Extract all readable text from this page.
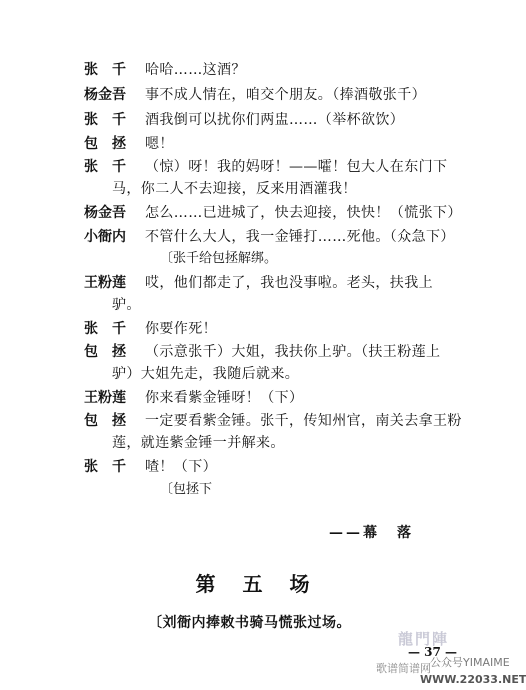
张　千 哈哈……这酒？
杨金吾 事不成人情在，咱交个朋友。（捧酒敬张千）
张　千 酒我倒可以扰你们两盅……（举杯欲饮）
包　拯 嗯！
张　千 （惊）呀！我的妈呀！——嚯！包大人在东门下
马，你二人不去迎接，反来用酒灌我！
杨金吾 怎么……已进城了，快去迎接，快快！（慌张下）
小衙内 不管什么大人，我一金锤打……死他。（众急下）
〔张千给包拯解绑。
王粉莲 哎，他们都走了，我也没事啦。老头，扶我上
驴。
张　千 你要作死！
包　拯 （示意张千）大姐，我扶你上驴。（扶王粉莲上
驴）大姐先走，我随后就来。
王粉莲 你来看紫金锤呀！（下）
包　拯 一定要看紫金锤。张千，传知州官，南关去拿王粉
莲，就连紫金锤一并解来。
张　千 喳！（下）
〔包拯下
——幕　落
第 五 场
〔刘衙内捧敕书骑马慌张过场。
龍門陣
歌谱简谱网 公众号YIMAIME
WWW.22033.NET
— 37 —
